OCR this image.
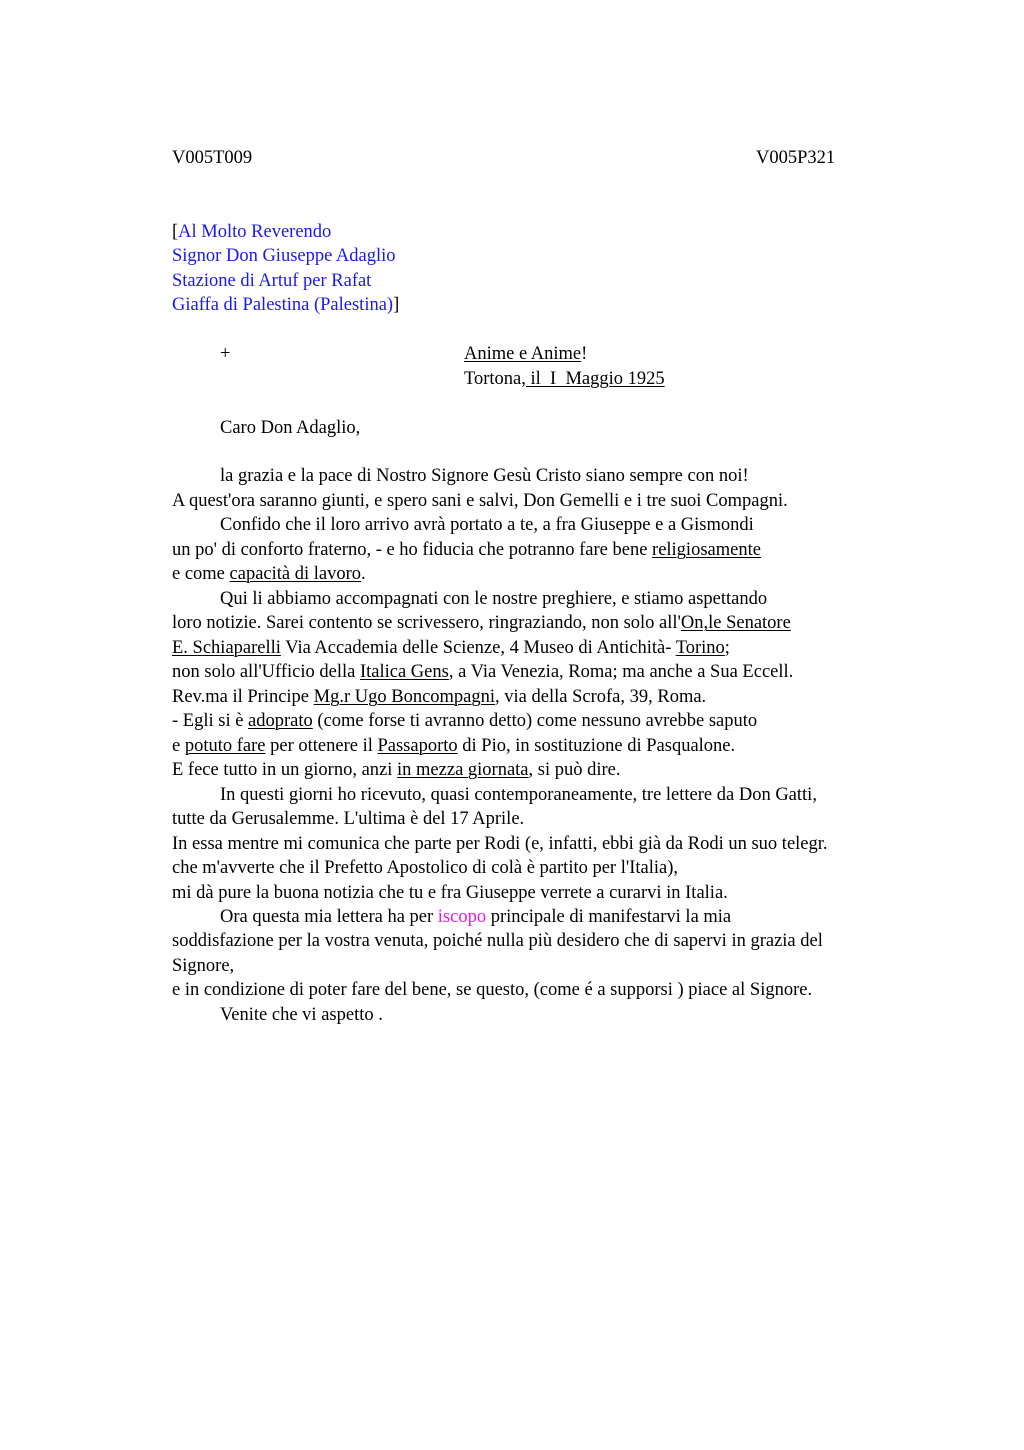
V005T009	V005P321

[Al Molto Reverendo

Signor Don Giuseppe Adaglio

Stazione di Artuf per Rafat

Giaffa di Palestina (Palestina)]

+	Anime e Anime!

Tortona, il  I  Maggio 1925

Caro Don Adaglio,

la grazia e la pace di Nostro Signore Gesù Cristo siano sempre con noi!

A quest'ora saranno giunti, e spero sani e salvi, Don Gemelli e i tre suoi Compagni.

Confido che il loro arrivo avrà portato a te, a fra Giuseppe e a Gismondi

un po' di conforto fraterno, - e ho fiducia che potranno fare bene religiosamente

e come capacità di lavoro.

Qui li abbiamo accompagnati con le nostre preghiere, e stiamo aspettando

loro notizie. Sarei contento se scrivessero, ringraziando, non solo all'On,le Senatore

E. Schiaparelli Via Accademia delle Scienze, 4 Museo di Antichità- Torino;

non solo all'Ufficio della Italica Gens, a Via Venezia, Roma; ma anche a Sua Eccell.

Rev.ma il Principe Mg.r Ugo Boncompagni, via della Scrofa, 39, Roma.

- Egli si è adoprato (come forse ti avranno detto) come nessuno avrebbe saputo

e potuto fare per ottenere il Passaporto di Pio, in sostituzione di Pasqualone.

E fece tutto in un giorno, anzi in mezza giornata, si può dire.

In questi giorni ho ricevuto, quasi contemporaneamente, tre lettere da Don Gatti,

tutte da Gerusalemme. L'ultima è del 17 Aprile.

In essa mentre mi comunica che parte per Rodi (e, infatti, ebbi già da Rodi un suo telegr.

che m'avverte che il Prefetto Apostolico di colà è partito per l'Italia),

mi dà pure la buona notizia che tu e fra Giuseppe verrete a curarvi in Italia.

Ora questa mia lettera ha per iscopo principale di manifestarvi la mia

soddisfazione per la vostra venuta, poiché nulla più desidero che di sapervi in grazia del

Signore,

e in condizione di poter fare del bene, se questo, (come é a supporsi ) piace al Signore.

Venite che vi aspetto .
